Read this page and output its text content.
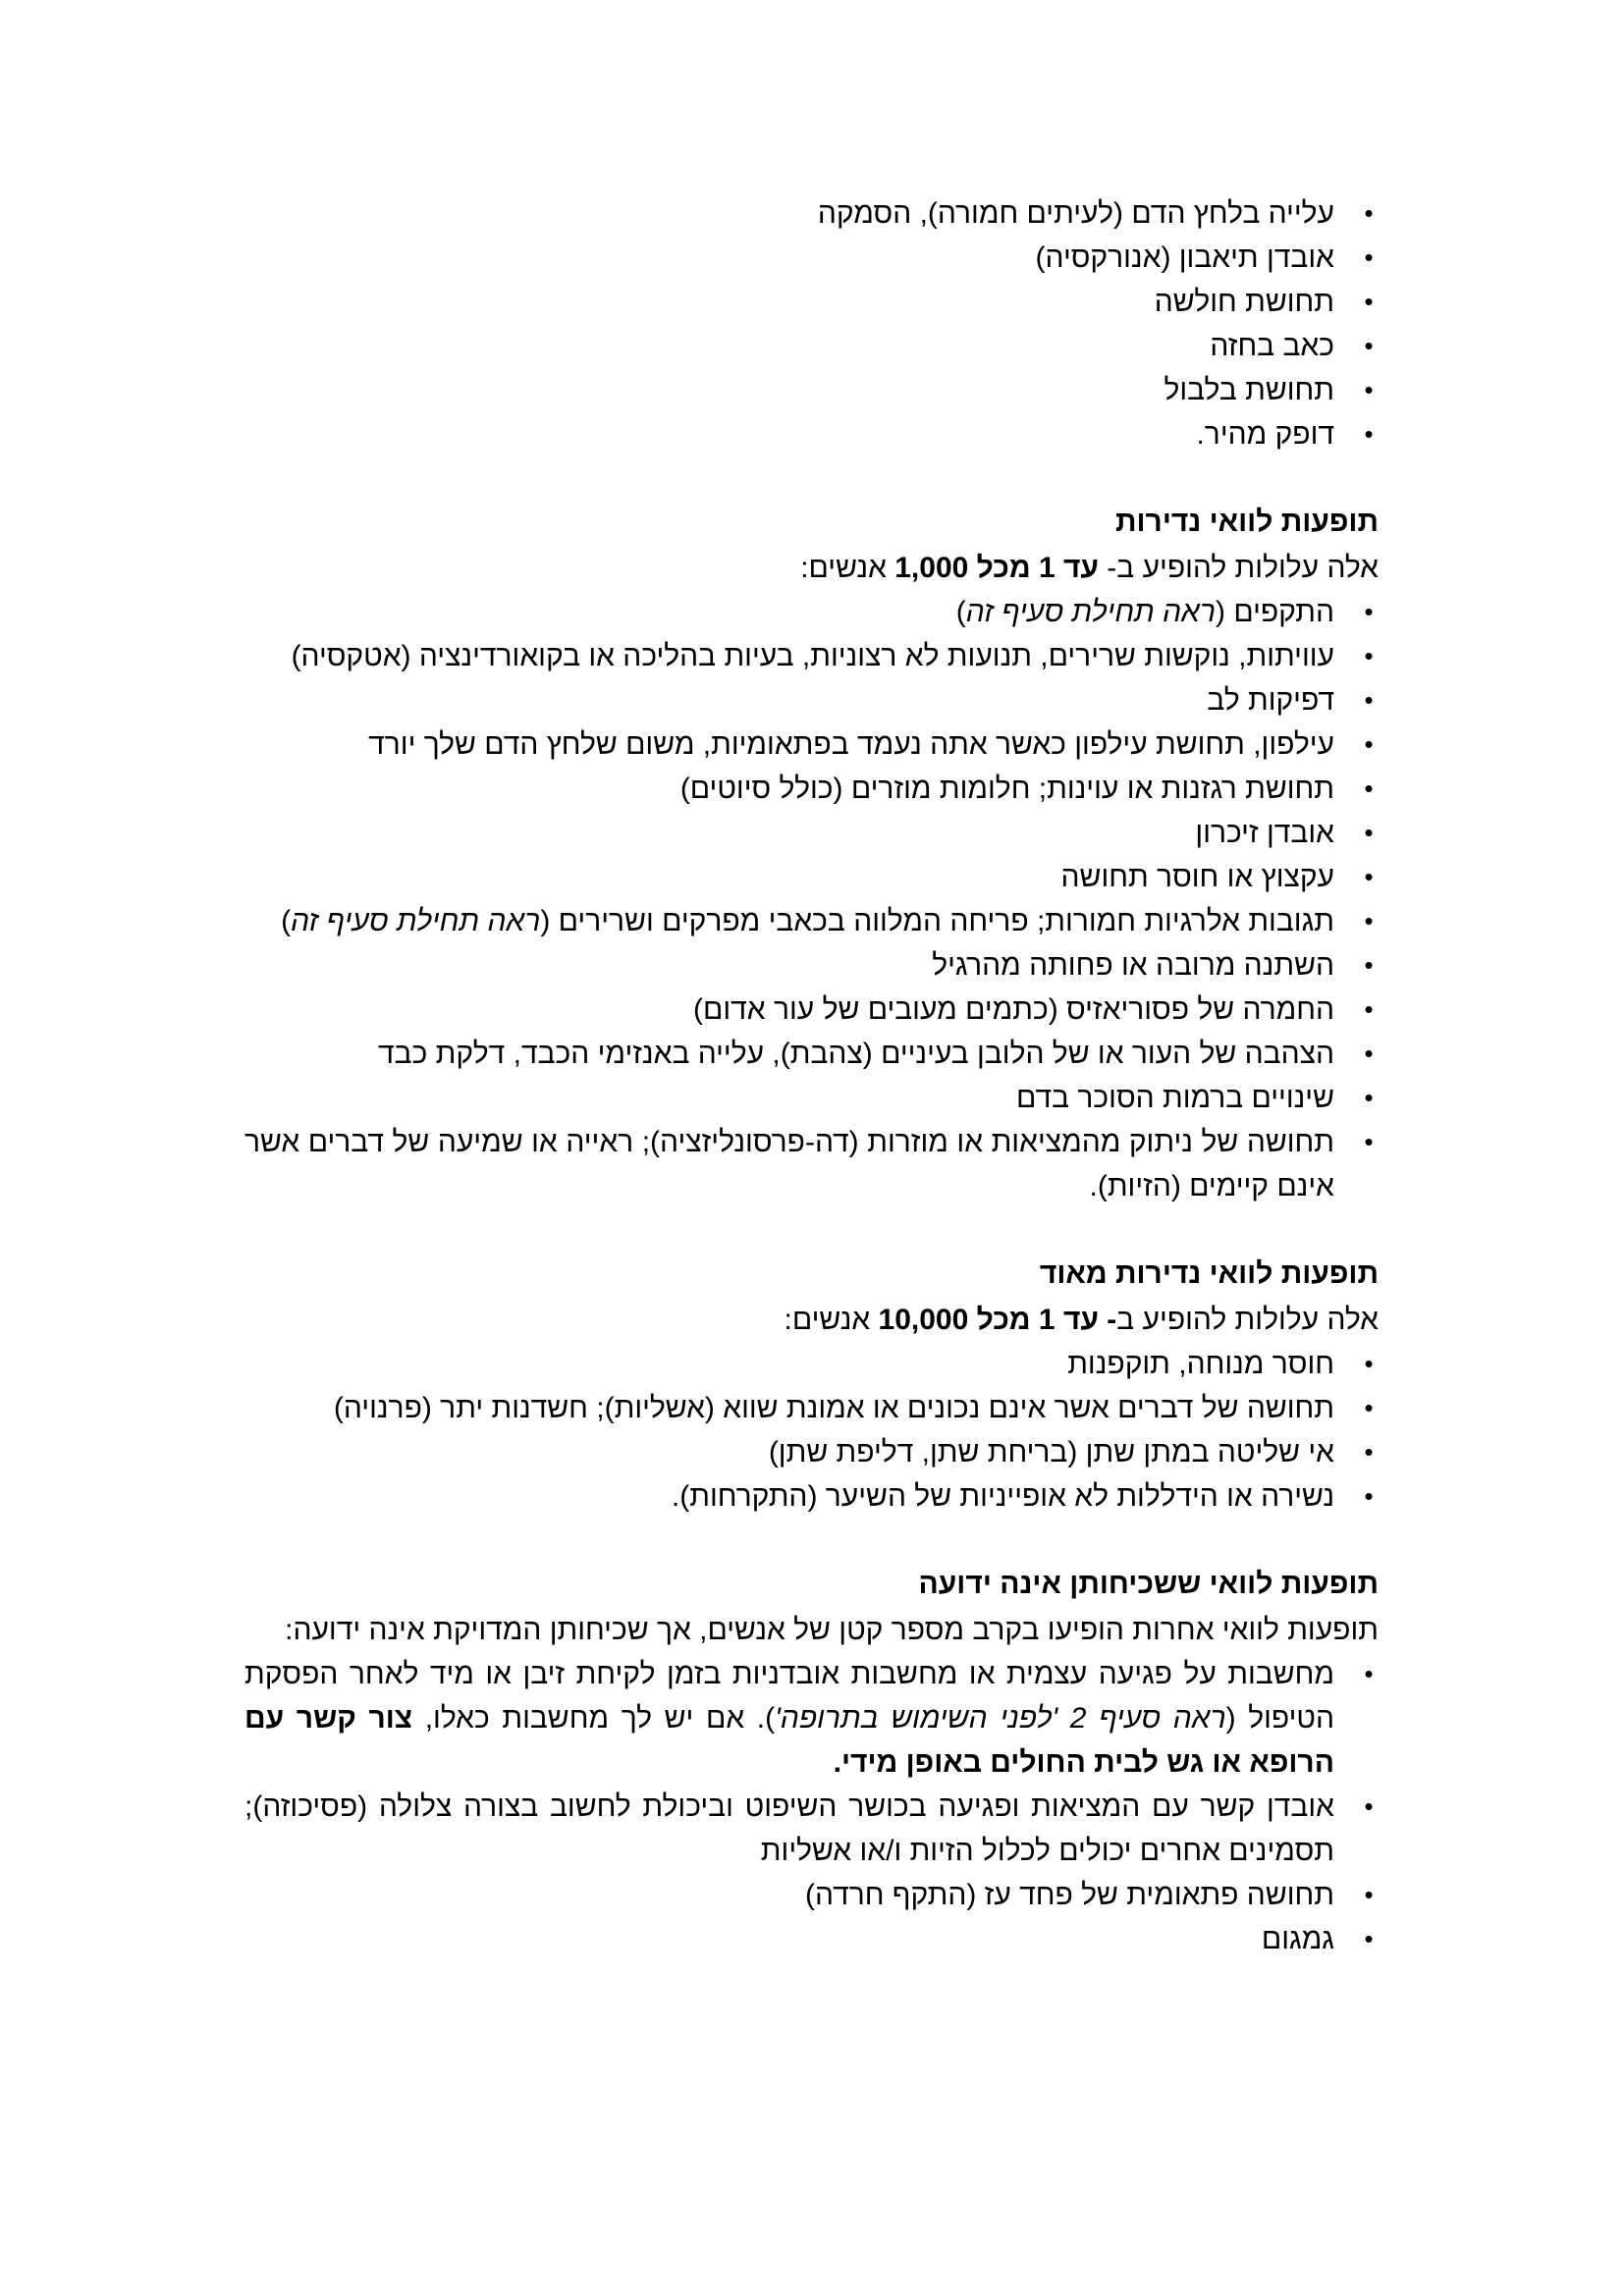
•
עלייה בלחץ הדם (לעיתים חמורה), הסמקה
•
אובדן תיאבון (אנורקסיה)
•
תחושת חולשה
•
כאב בחזה
•
תחושת בלבול
•
דופק מהיר.
תופעות לוואי נדירות

אלה עלולות להופיע ב- עד 1 מכל 1,000 אנשים:

•
התקפים (ראה תחילת סעיף זה)
•
עוויתות, נוקשות שרירים, תנועות לא רצוניות, בעיות בהליכה או בקואורדינציה (אטקסיה)
•
דפיקות לב
•
עילפון, תחושת עילפון כאשר אתה נעמד בפתאומיות, משום שלחץ הדם שלך יורד
•
תחושת רגזנות או עוינות; חלומות מוזרים (כולל סיוטים)
•
אובדן זיכרון
•
עקצוץ או חוסר תחושה
•
תגובות אלרגיות חמורות; פריחה המלווה בכאבי מפרקים ושרירים (ראה תחילת סעיף זה)
•
השתנה מרובה או פחותה מהרגיל
•
החמרה של פסוריאזיס (כתמים מעובים של עור אדום)
•
הצהבה של העור או של הלובן בעיניים (צהבת), עלייה באנזימי הכבד, דלקת כבד
•
שינויים ברמות הסוכר בדם
•
תחושה של ניתוק מהמציאות או מוזרות (דה-פרסונליזציה); ראייה או שמיעה של דברים אשר אינם קיימים (הזיות).
תופעות לוואי נדירות מאוד

אלה עלולות להופיע ב- עד 1 מכל 10,000 אנשים:

•
חוסר מנוחה, תוקפנות
•
תחושה של דברים אשר אינם נכונים או אמונת שווא (אשליות); חשדנות יתר (פרנויה)
•
אי שליטה במתן שתן (בריחת שתן, דליפת שתן)
•
נשירה או הידללות לא אופייניות של השיער (התקרחות).
תופעות לוואי ששכיחותן אינה ידועה

תופעות לוואי אחרות הופיעו בקרב מספר קטן של אנשים, אך שכיחותן המדויקת אינה ידועה:

•
מחשבות על פגיעה עצמית או מחשבות אובדניות בזמן לקיחת זיבן או מיד לאחר הפסקת הטיפול (ראה סעיף 2 'לפני השימוש בתרופה'). אם יש לך מחשבות כאלו, צור קשר עם הרופא או גש לבית החולים באופן מידי.
•
אובדן קשר עם המציאות ופגיעה בכושר השיפוט וביכולת לחשוב בצורה צלולה (פסיכוזה); תסמינים אחרים יכולים לכלול הזיות ו/או אשליות
•
תחושה פתאומית של פחד עז (התקף חרדה)
•
גמגום
